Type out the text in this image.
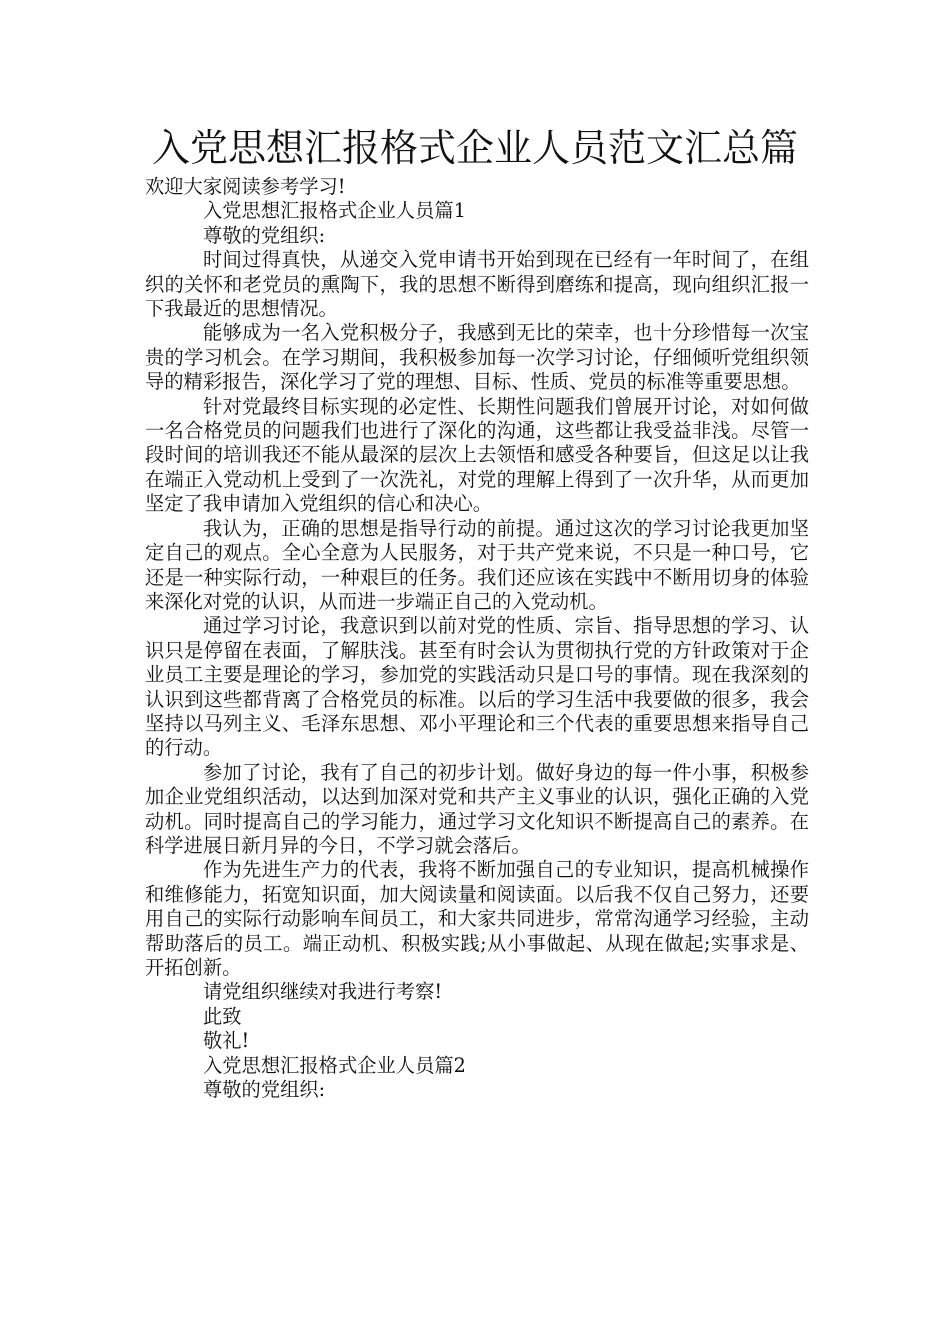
入党思想汇报格式企业人员范文汇总篇

欢迎大家阅读参考学习!

入党思想汇报格式企业人员篇1

尊敬的党组织:

时间过得真快，从递交入党申请书开始到现在已经有一年时间了，在组织的关怀和老党员的熏陶下，我的思想不断得到磨练和提高，现向组织汇报一下我最近的思想情况。

能够成为一名入党积极分子，我感到无比的荣幸，也十分珍惜每一次宝贵的学习机会。在学习期间，我积极参加每一次学习讨论，仔细倾听党组织领导的精彩报告，深化学习了党的理想、目标、性质、党员的标准等重要思想。

针对党最终目标实现的必定性、长期性问题我们曾展开讨论，对如何做一名合格党员的问题我们也进行了深化的沟通，这些都让我受益非浅。尽管一段时间的培训我还不能从最深的层次上去领悟和感受各种要旨，但这足以让我在端正入党动机上受到了一次洗礼，对党的理解上得到了一次升华，从而更加坚定了我申请加入党组织的信心和决心。

我认为，正确的思想是指导行动的前提。通过这次的学习讨论我更加坚定自己的观点。全心全意为人民服务，对于共产党来说，不只是一种口号，它还是一种实际行动，一种艰巨的任务。我们还应该在实践中不断用切身的体验来深化对党的认识，从而进一步端正自己的入党动机。

通过学习讨论，我意识到以前对党的性质、宗旨、指导思想的学习、认识只是停留在表面，了解肤浅。甚至有时会认为贯彻执行党的方针政策对于企业员工主要是理论的学习，参加党的实践活动只是口号的事情。现在我深刻的认识到这些都背离了合格党员的标准。以后的学习生活中我要做的很多，我会坚持以马列主义、毛泽东思想、邓小平理论和三个代表的重要思想来指导自己的行动。

参加了讨论，我有了自己的初步计划。做好身边的每一件小事，积极参加企业党组织活动，以达到加深对党和共产主义事业的认识，强化正确的入党动机。同时提高自己的学习能力，通过学习文化知识不断提高自己的素养。在科学进展日新月异的今日，不学习就会落后。

作为先进生产力的代表，我将不断加强自己的专业知识，提高机械操作和维修能力，拓宽知识面，加大阅读量和阅读面。以后我不仅自己努力，还要用自己的实际行动影响车间员工，和大家共同进步，常常沟通学习经验，主动帮助落后的员工。端正动机、积极实践;从小事做起、从现在做起;实事求是、开拓创新。

请党组织继续对我进行考察!

此致

敬礼!

入党思想汇报格式企业人员篇2

尊敬的党组织:
